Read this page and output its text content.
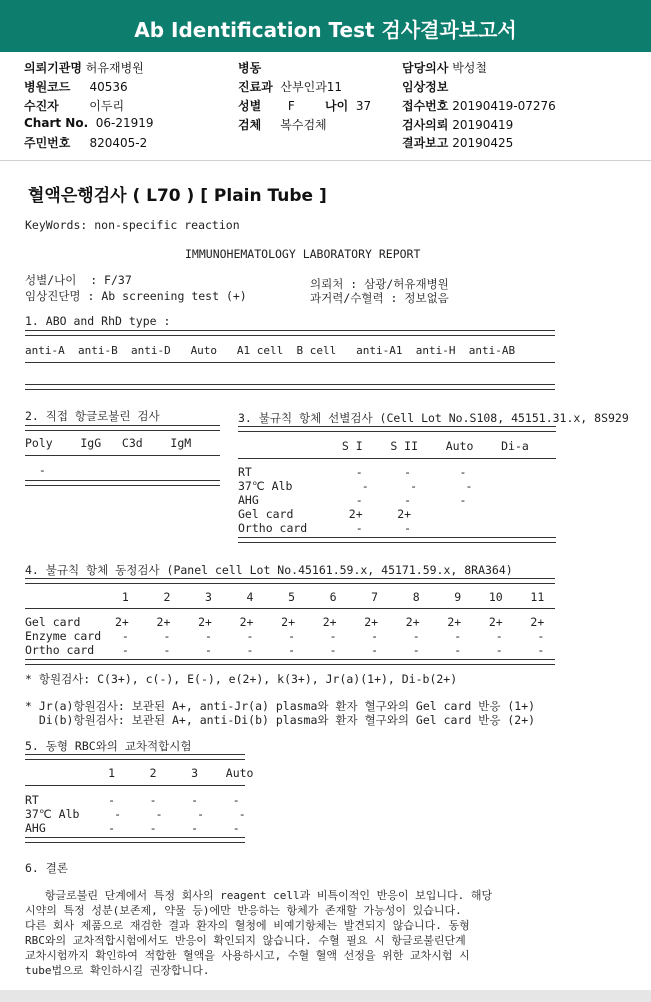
Ab Identification Test 검사결과보고서
의뢰기관명 허유재병원
병원코드 40536
수진자	이두리
Chart No. 06-21919
주민번호 820405-2
병동
진료과 산부인과11
성별 F	나이 37
검체 복수검체
담당의사 박성철
임상정보
접수번호 20190419-07276
검사의뢰 20190419
결과보고 20190425
혈액은행검사 ( L70 ) [ Plain Tube ]
KeyWords: non-specific reaction
IMMUNOHEMATOLOGY LABORATORY REPORT
성별/나이  : F/37
임상진단명 : Ab screening test (+)
의뢰처 : 삼광/허유재병원
과거력/수혈력 : 정보없음
1. ABO and RhD type :
anti-A  anti-B  anti-D   Auto   A1 cell  B cell   anti-A1  anti-H  anti-AB
2. 직접 항글로불린 검사
Poly    IgG   C3d    IgM
-
3. 불규칙 항체 선별검사 (Cell Lot No.S108, 45151.31.x, 8S929
S I    S II    Auto    Di-a
RT               -      -       -
37℃ Alb          -      -       -
AHG              -      -       -
Gel card        2+     2+
Ortho card       -      -
4. 불규칙 항체 동정검사 (Panel cell Lot No.45161.59.x, 45171.59.x, 8RA364)
1     2     3     4     5     6     7     8     9    10    11
Gel card     2+    2+    2+    2+    2+    2+    2+    2+    2+    2+    2+
Enzyme card   -     -     -     -     -     -     -     -     -     -     -
Ortho card    -     -     -     -     -     -     -     -     -     -     -
* 항원검사: C(3+), c(-), E(-), e(2+), k(3+), Jr(a)(1+), Di-b(2+)
* Jr(a)항원검사: 보관된 A+, anti-Jr(a) plasma와 환자 혈구와의 Gel card 반응 (1+)
Di(b)항원검사: 보관된 A+, anti-Di(b) plasma와 환자 혈구와의 Gel card 반응 (2+)
5. 동형 RBC와의 교차적합시험
1     2     3    Auto
RT          -     -     -     -
37℃ Alb     -     -     -     -
AHG         -     -     -     -
6. 결론
항글로불린 단계에서 특정 회사의 reagent cell과 비특이적인 반응이 보입니다. 해당
시약의 특정 성분(보존제, 약물 등)에만 반응하는 항체가 존재할 가능성이 있습니다.
다른 회사 제품으로 재검한 결과 환자의 혈청에 비예기항체는 발견되지 않습니다. 동형
RBC와의 교차적합시험에서도 반응이 확인되지 않습니다. 수혈 필요 시 항글로불린단계
교차시험까지 확인하여 적합한 혈액을 사용하시고, 수혈 혈액 선정을 위한 교차시험 시
tube법으로 확인하시길 권장합니다.
